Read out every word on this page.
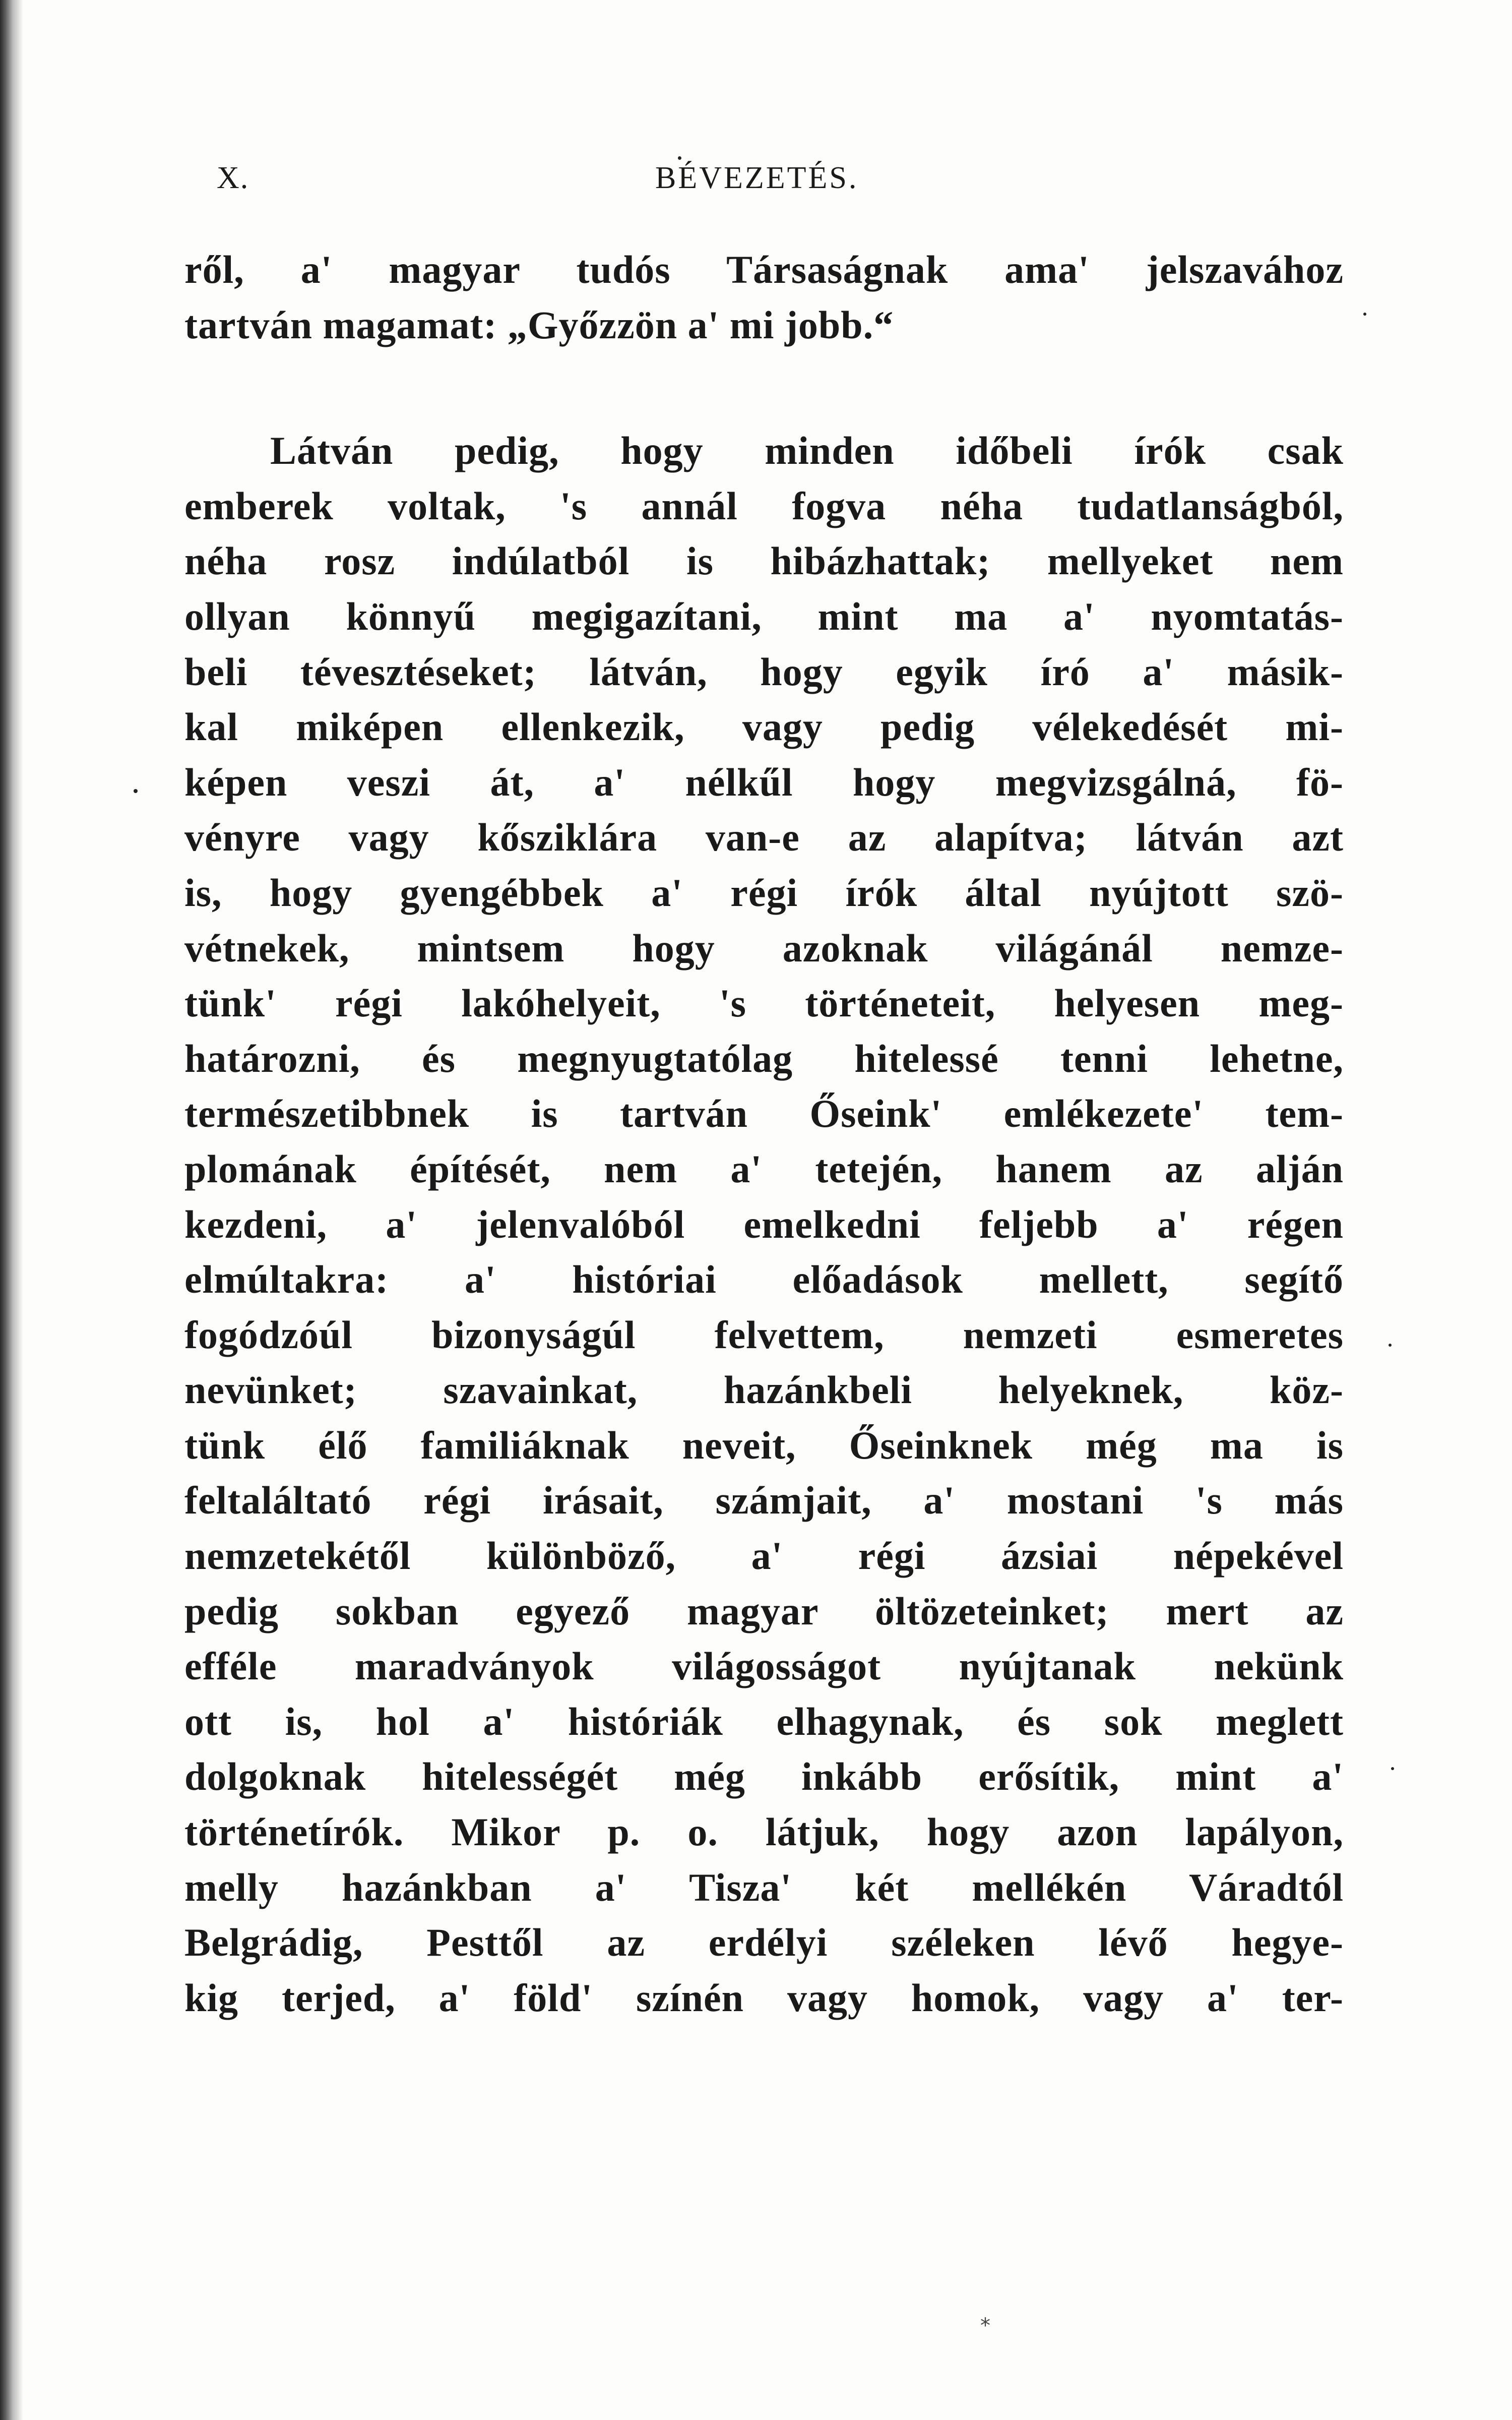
X.	BÉVEZETÉS.
ről, a' magyar tudós Társaságnak ama' jelszavához
tartván magamat: „Győzzön a' mi jobb.“
Látván pedig, hogy minden időbeli írók csak
emberek voltak, 's annál fogva néha tudatlanságból,
néha rosz indúlatból is hibázhattak; mellyeket nem
ollyan könnyű megigazítani, mint ma a' nyomtatás-
beli tévesztéseket; látván, hogy egyik író a' másik-
kal miképen ellenkezik, vagy pedig vélekedését mi-
képen veszi át, a' nélkűl hogy megvizsgálná, fö-
vényre vagy kősziklára van-e az alapítva; látván azt
is, hogy gyengébbek a' régi írók által nyújtott szö-
vétnekek, mintsem hogy azoknak világánál nemze-
tünk' régi lakóhelyeit, 's történeteit, helyesen meg-
határozni, és megnyugtatólag hitelessé tenni lehetne,
természetibbnek is tartván Őseink' emlékezete' tem-
plomának építését, nem a' tetején, hanem az alján
kezdeni, a' jelenvalóból emelkedni feljebb a' régen
elmúltakra: a' históriai előadások mellett, segítő
fogódzóúl bizonyságúl felvettem, nemzeti esmeretes
nevünket; szavainkat, hazánkbeli helyeknek, köz-
tünk élő familiáknak neveit, Őseinknek még ma is
feltaláltató régi irásait, számjait, a' mostani 's más
nemzetekétől különböző, a' régi ázsiai népekével
pedig sokban egyező magyar öltözeteinket; mert az
efféle maradványok világosságot nyújtanak nekünk
ott is, hol a' históriák elhagynak, és sok meglett
dolgoknak hitelességét még inkább erősítik, mint a'
történetírók. Mikor p. o. látjuk, hogy azon lapályon,
melly hazánkban a' Tisza' két mellékén Váradtól
Belgrádig, Pesttől az erdélyi széleken lévő hegye-
kig terjed, a' föld' színén vagy homok, vagy a' ter-
*
